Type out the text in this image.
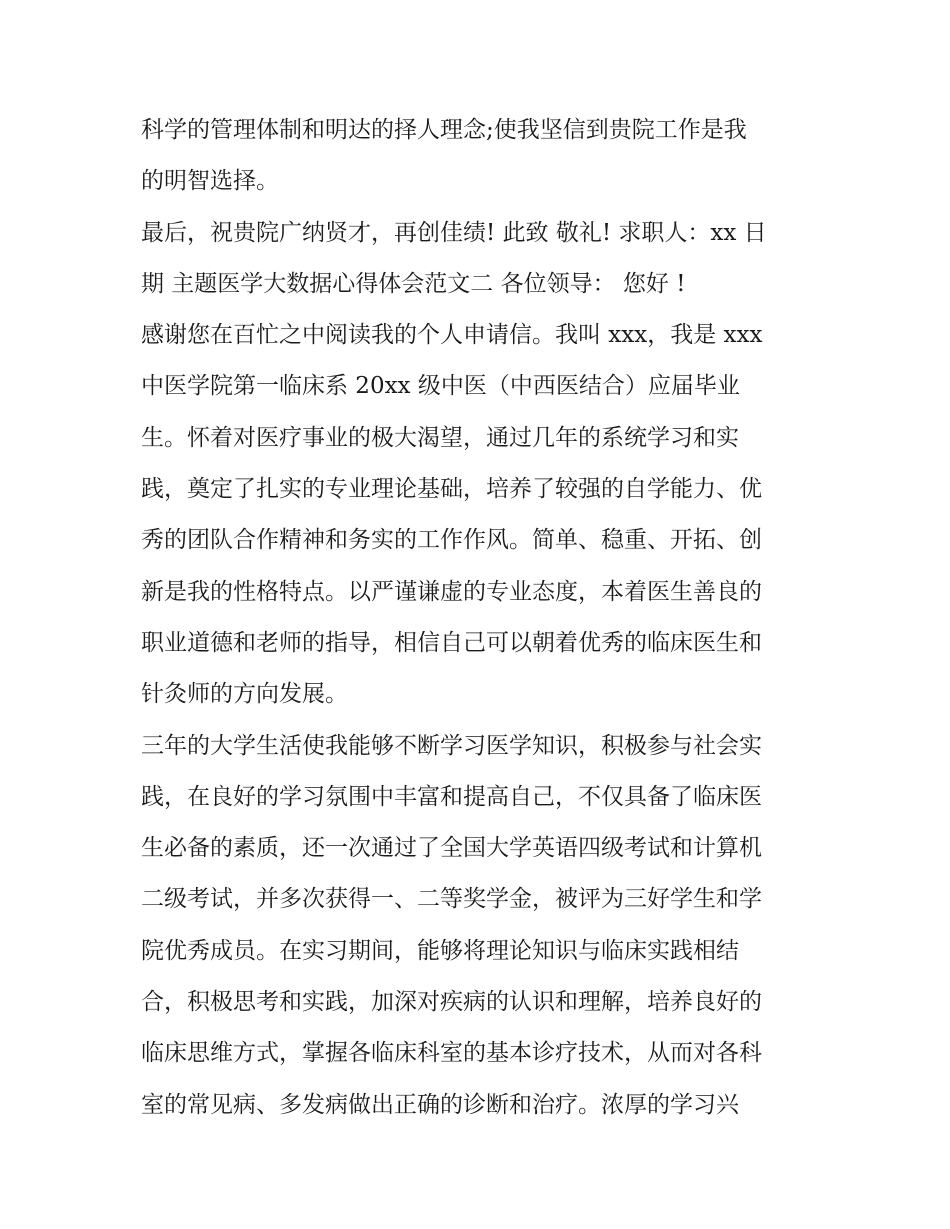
科学的管理体制和明达的择人理念;使我坚信到贵院工作是我
的明智选择。
最后，祝贵院广纳贤才，再创佳绩! 此致 敬礼! 求职人：xx 日
期 主题医学大数据心得体会范文二 各位领导： 您好 !
感谢您在百忙之中阅读我的个人申请信。我叫 xxx，我是 xxx
中医学院第一临床系 20xx 级中医（中西医结合）应届毕业
生。怀着对医疗事业的极大渴望，通过几年的系统学习和实
践，奠定了扎实的专业理论基础，培养了较强的自学能力、优
秀的团队合作精神和务实的工作作风。简单、稳重、开拓、创
新是我的性格特点。以严谨谦虚的专业态度，本着医生善良的
职业道德和老师的指导，相信自己可以朝着优秀的临床医生和
针灸师的方向发展。
三年的大学生活使我能够不断学习医学知识，积极参与社会实
践，在良好的学习氛围中丰富和提高自己，不仅具备了临床医
生必备的素质，还一次通过了全国大学英语四级考试和计算机
二级考试，并多次获得一、二等奖学金，被评为三好学生和学
院优秀成员。在实习期间，能够将理论知识与临床实践相结
合，积极思考和实践，加深对疾病的认识和理解，培养良好的
临床思维方式，掌握各临床科室的基本诊疗技术，从而对各科
室的常见病、多发病做出正确的诊断和治疗。浓厚的学习兴
